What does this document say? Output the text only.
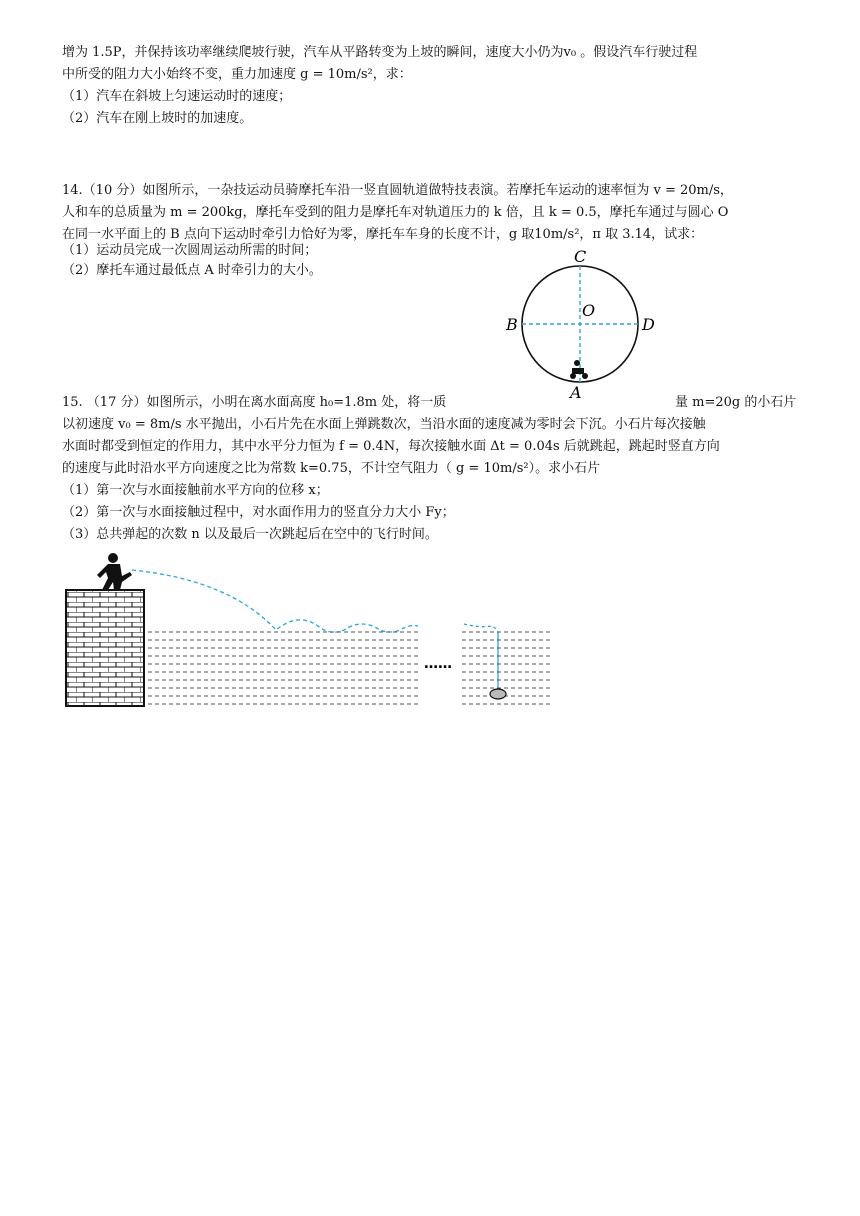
增为 1.5P，并保持该功率继续爬坡行驶，汽车从平路转变为上坡的瞬间，速度大小仍为v₀ 。假设汽车行驶过程
中所受的阻力大小始终不变，重力加速度 g = 10m/s²，求：
（1）汽车在斜坡上匀速运动时的速度；
（2）汽车在刚上坡时的加速度。
14.（10 分）如图所示，一杂技运动员骑摩托车沿一竖直圆轨道做特技表演。若摩托车运动的速率恒为 v = 20m/s，
人和车的总质量为 m = 200kg，摩托车受到的阻力是摩托车对轨道压力的 k 倍，且 k = 0.5，摩托车通过与圆心 O
在同一水平面上的 B 点向下运动时牵引力恰好为零，摩托车车身的长度不计，g 取10m/s²，π 取 3.14，试求：
（1）运动员完成一次圆周运动所需的时间；
（2）摩托车通过最低点 A 时牵引力的大小。
C
B
O
D
A
15. （17 分）如图所示，小明在离水面高度 h₀=1.8m 处，将一质	量 m=20g 的小石片
以初速度 v₀ = 8m/s 水平抛出，小石片先在水面上弹跳数次，当沿水面的速度减为零时会下沉。小石片每次接触
水面时都受到恒定的作用力，其中水平分力恒为 f = 0.4N，每次接触水面 Δt = 0.04s 后就跳起，跳起时竖直方向
的速度与此时沿水平方向速度之比为常数 k=0.75，不计空气阻力（ g = 10m/s²）。求小石片
（1）第一次与水面接触前水平方向的位移 x；
（2）第一次与水面接触过程中，对水面作用力的竖直分力大小 Fy；
（3）总共弹起的次数 n 以及最后一次跳起后在空中的飞行时间。
……
